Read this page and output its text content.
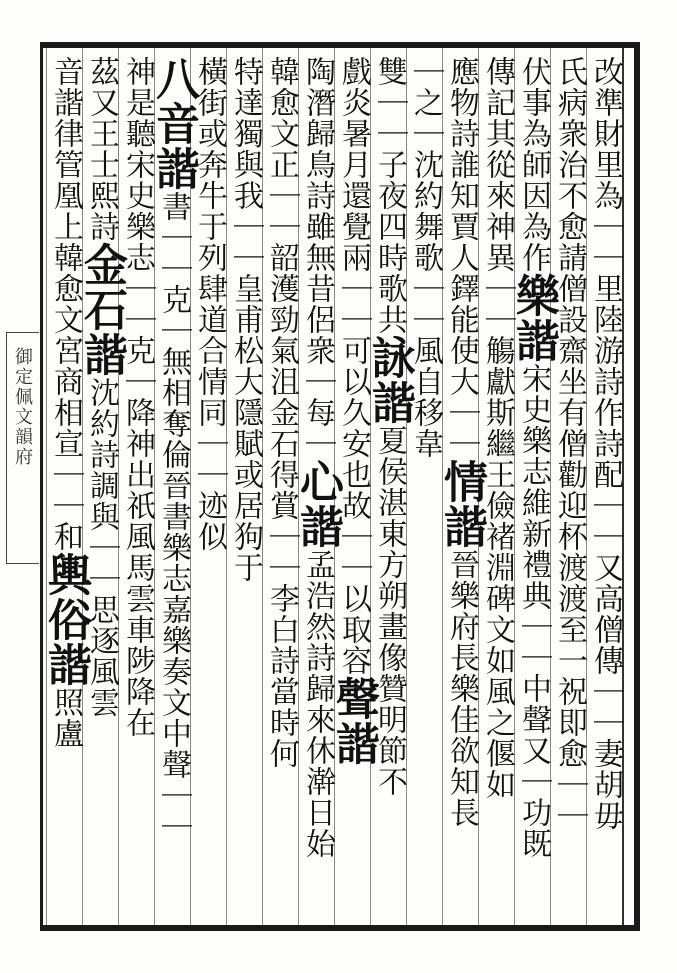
御定佩文韻府	改準財里為｜｜里陸游詩作詩配｜｜又高僧傳｜｜妻胡毋
氏病衆治不愈請僧設齋坐有僧勸迎杯渡渡至一祝即愈｜｜
伏事為師因為作樂諧宋史樂志維新禮典｜｜中聲又｜功既
傳記其從來神異｜｜觴獻斯繼王儉褚淵碑文如風之偃如
應物詩誰知賈人鐸能使大｜｜情諧晉樂府長樂佳欲知長
｜之｜沈約舞歌｜｜風自移韋
雙｜｜子夜四時歌共詠諧夏侯湛東方朔畫像贊明節不
戲炎暑月還覺兩｜｜可以久安也故｜｜以取容聲諧
陶潛歸鳥詩雖無昔侶衆｜每｜心諧孟浩然詩歸來休澣日始
韓愈文正｜｜韶濩勁氣沮金石得賞｜｜李白詩當時何
特達獨與我｜｜皇甫松大隱賦或居狗于
橫街或奔牛于列肆道合情同｜｜迹似
八音諧書｜｜克｜無相奪倫晉書樂志嘉樂奏文中聲｜｜
神是聽宋史樂志｜｜克｜降神出祇風馬雲車陟降在
茲又王士熙詩金石諧沈約詩調與｜｜思逐風雲
音諧律管凰上韓愈文宮商相宣｜｜和輿俗諧照盧
